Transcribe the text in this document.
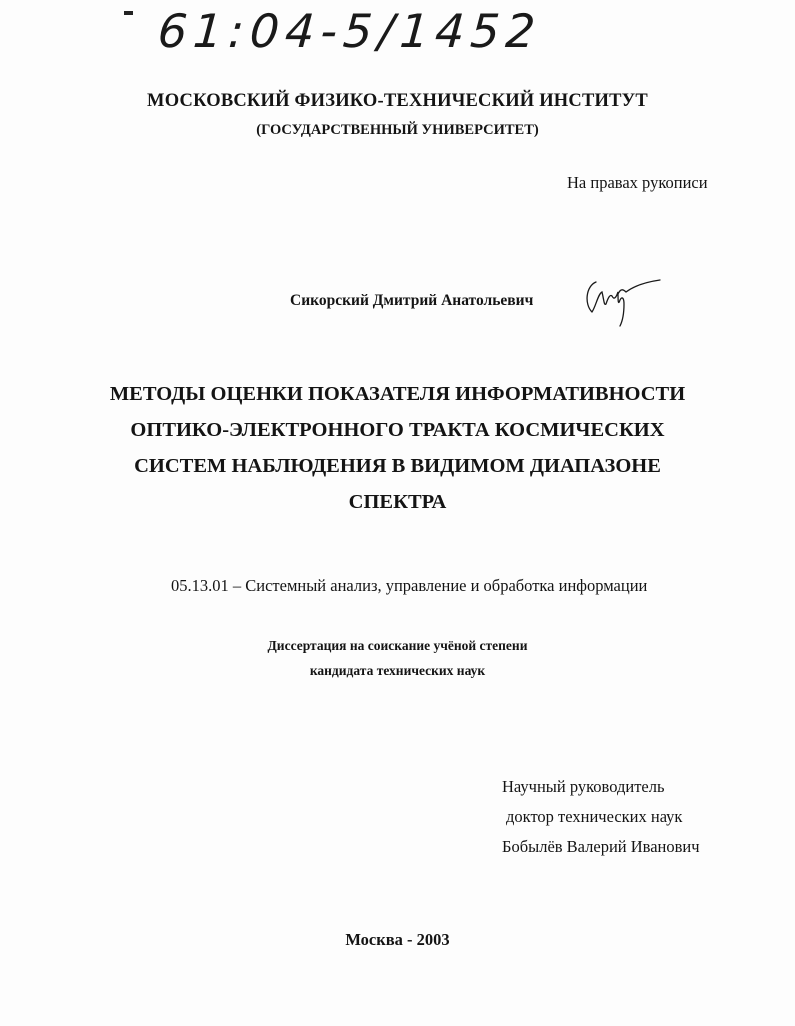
61:04-5/1452
МОСКОВСКИЙ ФИЗИКО-ТЕХНИЧЕСКИЙ ИНСТИТУТ
(ГОСУДАРСТВЕННЫЙ УНИВЕРСИТЕТ)
На правах рукописи
Сикорский Дмитрий Анатольевич
МЕТОДЫ ОЦЕНКИ ПОКАЗАТЕЛЯ ИНФОРМАТИВНОСТИ
ОПТИКО-ЭЛЕКТРОННОГО ТРАКТА КОСМИЧЕСКИХ
СИСТЕМ НАБЛЮДЕНИЯ В ВИДИМОМ ДИАПАЗОНЕ
СПЕКТРА
05.13.01 – Системный анализ, управление и обработка информации
Диссертация на соискание учёной степени
кандидата технических наук
Научный руководитель
доктор технических наук
Бобылёв Валерий Иванович
Москва - 2003
